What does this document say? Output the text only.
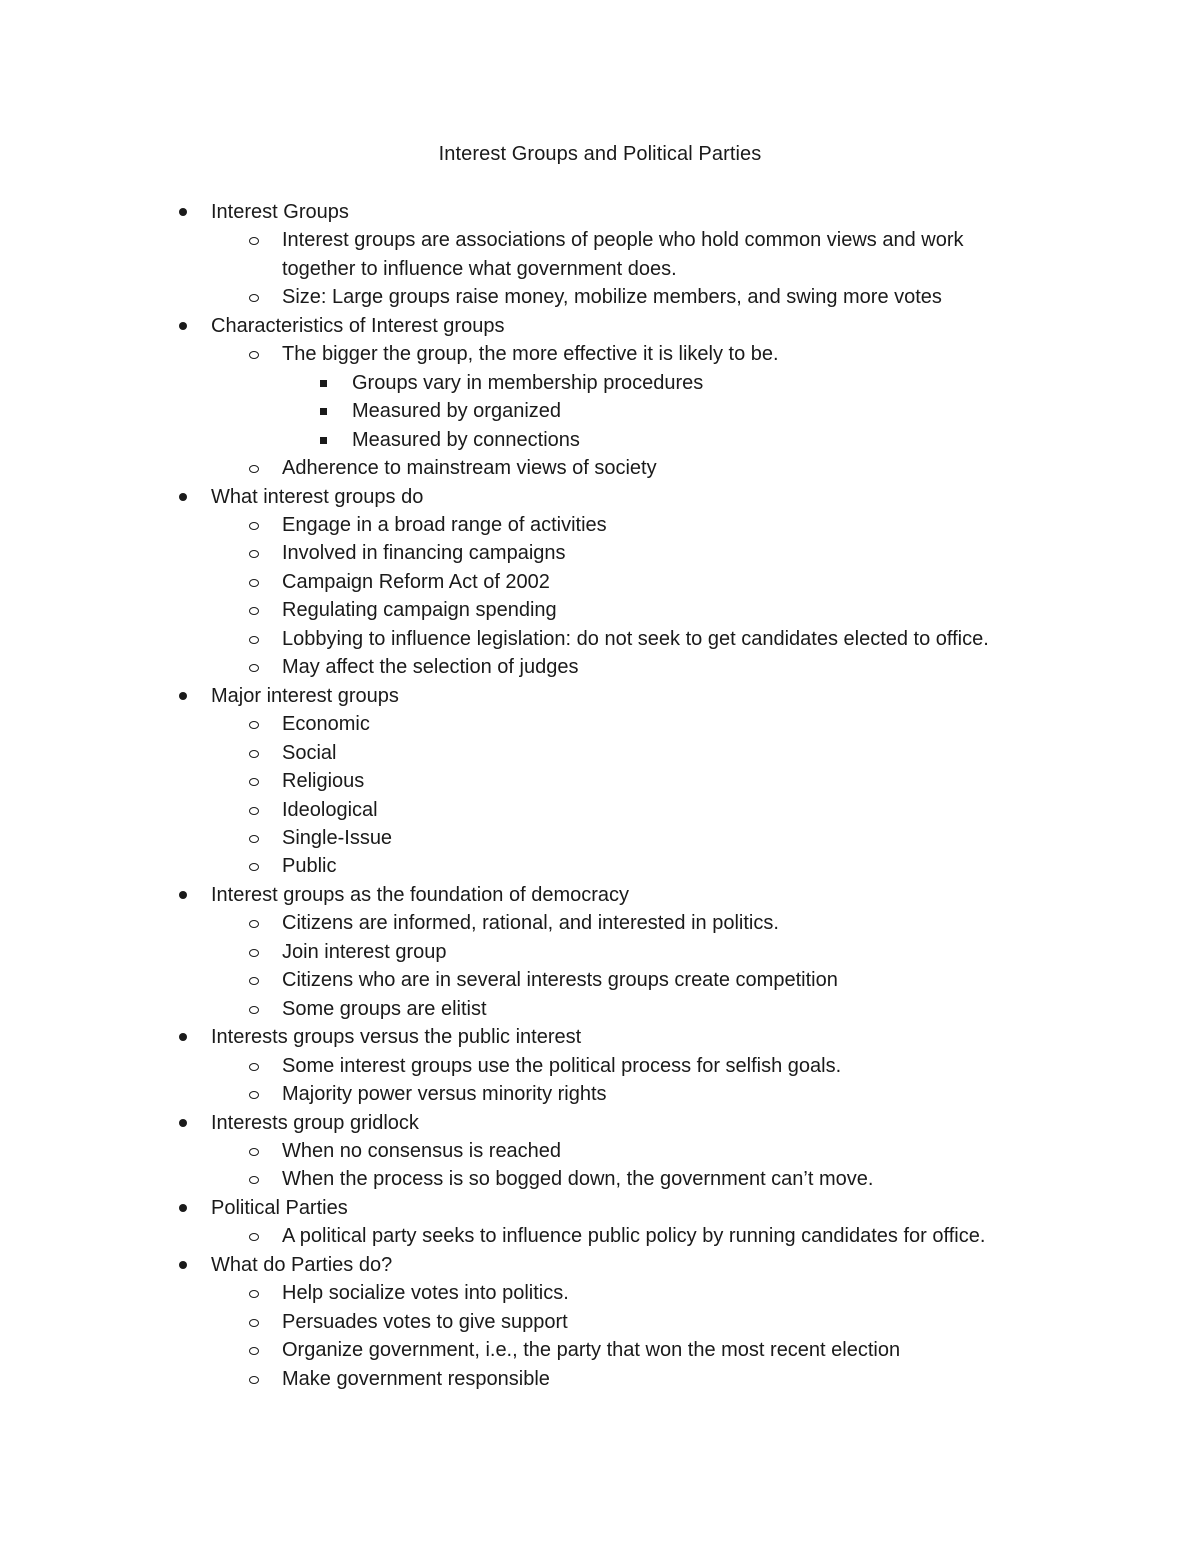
Interest Groups and Political Parties
Interest Groups
Interest groups are associations of people who hold common views and work together to influence what government does.
Size: Large groups raise money, mobilize members, and swing more votes
Characteristics of Interest groups
The bigger the group, the more effective it is likely to be.
Groups vary in membership procedures
Measured by organized
Measured by connections
Adherence to mainstream views of society
What interest groups do
Engage in a broad range of activities
Involved in financing campaigns
Campaign Reform Act of 2002
Regulating campaign spending
Lobbying to influence legislation: do not seek to get candidates elected to office.
May affect the selection of judges
Major interest groups
Economic
Social
Religious
Ideological
Single-Issue
Public
Interest groups as the foundation of democracy
Citizens are informed, rational, and interested in politics.
Join interest group
Citizens who are in several interests groups create competition
Some groups are elitist
Interests groups versus the public interest
Some interest groups use the political process for selfish goals.
Majority power versus minority rights
Interests group gridlock
When no consensus is reached
When the process is so bogged down, the government can’t move.
Political Parties
A political party seeks to influence public policy by running candidates for office.
What do Parties do?
Help socialize votes into politics.
Persuades votes to give support
Organize government, i.e., the party that won the most recent election
Make government responsible
